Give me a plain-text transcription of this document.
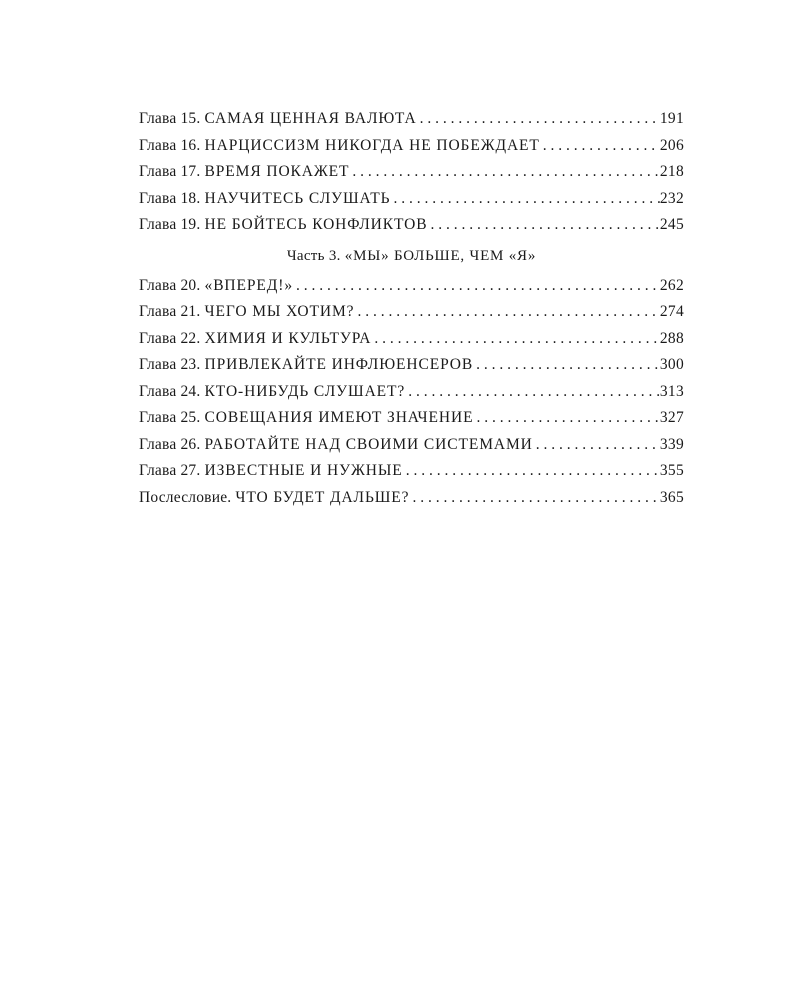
Глава 15. САМАЯ ЦЕННАЯ ВАЛЮТА . . .	191
Глава 16. НАРЦИССИЗМ НИКОГДА НЕ ПОБЕЖДАЕТ . . .	206
Глава 17. ВРЕМЯ ПОКАЖЕТ . . .	218
Глава 18. НАУЧИТЕСЬ СЛУШАТЬ . . .	232
Глава 19. НЕ БОЙТЕСЬ КОНФЛИКТОВ . . .	245
Часть 3. «МЫ» БОЛЬШЕ, ЧЕМ «Я»
Глава 20. «ВПЕРЕД!» . . .	262
Глава 21. ЧЕГО МЫ ХОТИМ? . . .	274
Глава 22. ХИМИЯ И КУЛЬТУРА . . .	288
Глава 23. ПРИВЛЕКАЙТЕ ИНФЛЮЕНСЕРОВ . . .	300
Глава 24. КТО-НИБУДЬ СЛУШАЕТ? . . .	313
Глава 25. СОВЕЩАНИЯ ИМЕЮТ ЗНАЧЕНИЕ . . .	327
Глава 26. РАБОТАЙТЕ НАД СВОИМИ СИСТЕМАМИ . . .	339
Глава 27. ИЗВЕСТНЫЕ И НУЖНЫЕ . . .	355
Послесловие. ЧТО БУДЕТ ДАЛЬШЕ? . . .	365
